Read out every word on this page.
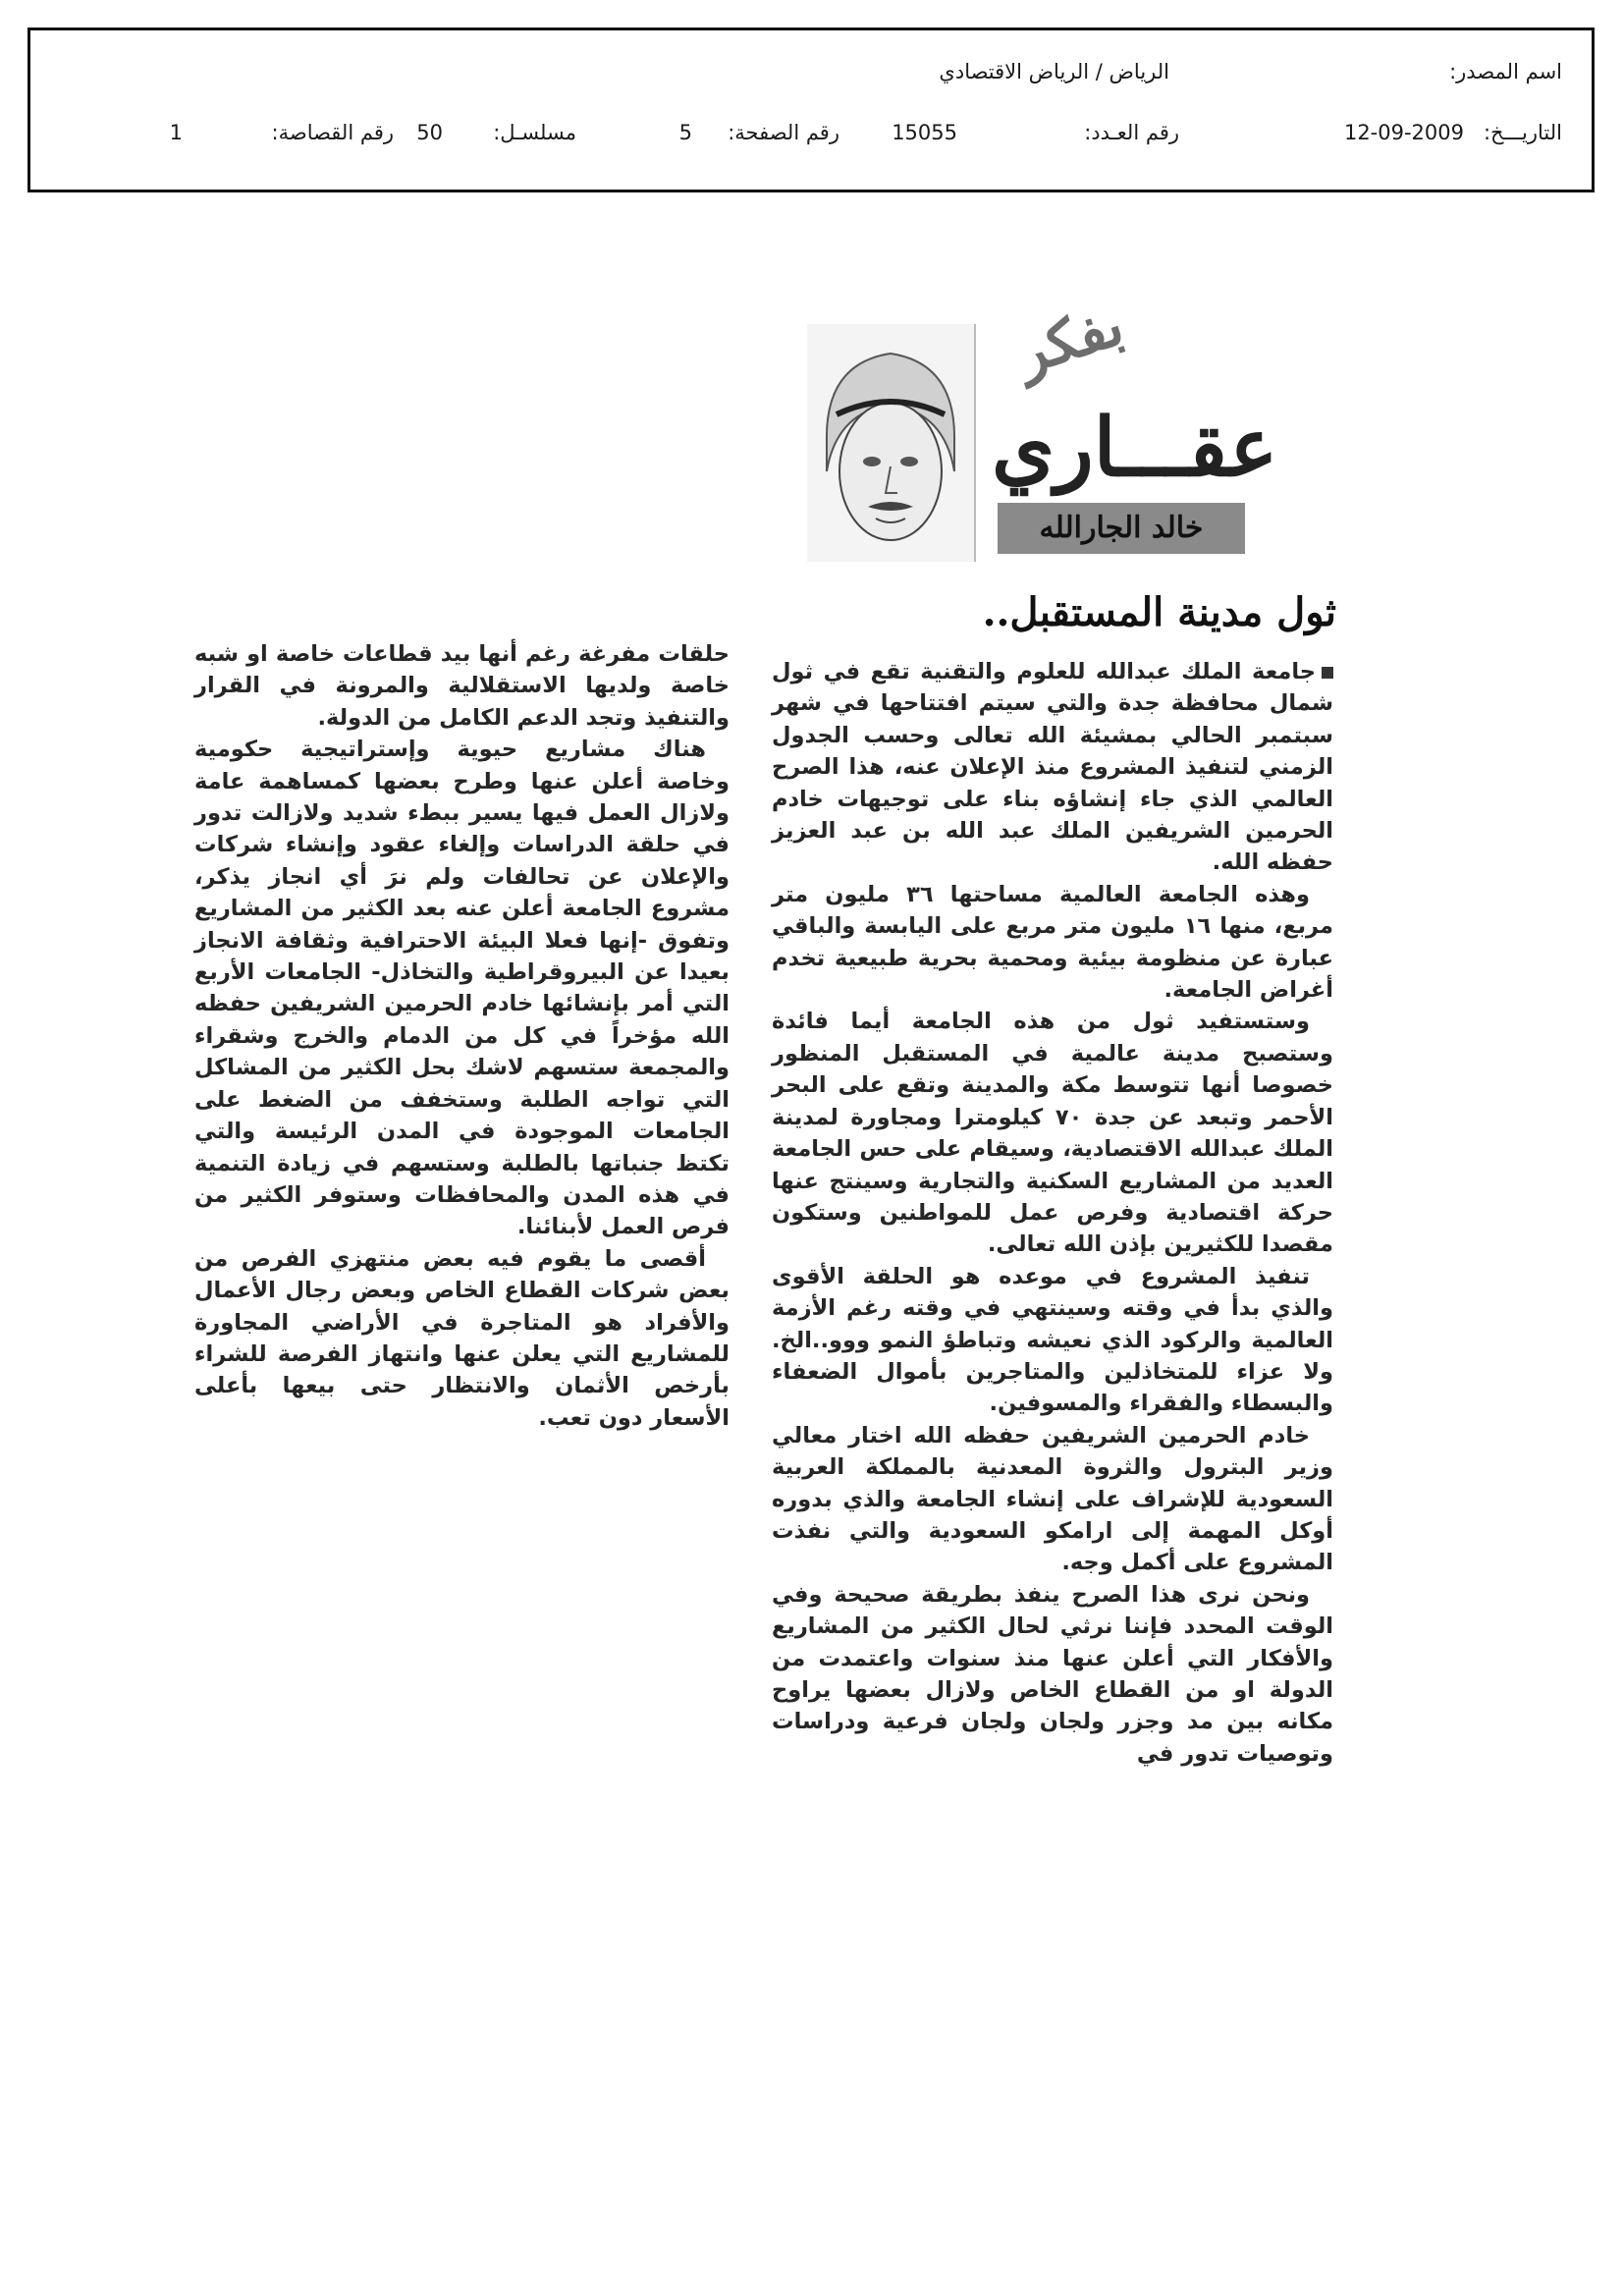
اسم المصدر:
الرياض / الرياض الاقتصادي
التاريـــخ:
12-09-2009
رقم العـدد:
15055
رقم الصفحة:
5
مسلسـل:
50
رقم القصاصة:
1
بفكر
عقـــاري
خالد الجارالله
ثول مدينة المستقبل..

جامعة الملك عبدالله للعلوم والتقنية تقع في ثول شمال محافظة جدة والتي سيتم افتتاحها في شهر سبتمبر الحالي بمشيئة الله تعالى وحسب الجدول الزمني لتنفيذ المشروع منذ الإعلان عنه، هذا الصرح العالمي الذي جاء إنشاؤه بناء على توجيهات خادم الحرمين الشريفين الملك عبد الله بن عبد العزيز حفظه الله.

وهذه الجامعة العالمية مساحتها ٣٦ مليون متر مربع، منها ١٦ مليون متر مربع على اليابسة والباقي عبارة عن منظومة بيئية ومحمية بحرية طبيعية تخدم أغراض الجامعة.

وستستفيد ثول من هذه الجامعة أيما فائدة وستصبح مدينة عالمية في المستقبل المنظور خصوصا أنها تتوسط مكة والمدينة وتقع على البحر الأحمر وتبعد عن جدة ٧٠ كيلومترا ومجاورة لمدينة الملك عبدالله الاقتصادية، وسيقام على حس الجامعة العديد من المشاريع السكنية والتجارية وسينتج عنها حركة اقتصادية وفرص عمل للمواطنين وستكون مقصدا للكثيرين بإذن الله تعالى.

تنفيذ المشروع في موعده هو الحلقة الأقوى والذي بدأ في وقته وسينتهي في وقته رغم الأزمة العالمية والركود الذي نعيشه وتباطؤ النمو ووو..الخ. ولا عزاء للمتخاذلين والمتاجرين بأموال الضعفاء والبسطاء والفقراء والمسوفين.

خادم الحرمين الشريفين حفظه الله اختار معالي وزير البترول والثروة المعدنية بالمملكة العربية السعودية للإشراف على إنشاء الجامعة والذي بدوره أوكل المهمة إلى ارامكو السعودية والتي نفذت المشروع على أكمل وجه.

ونحن نرى هذا الصرح ينفذ بطريقة صحيحة وفي الوقت المحدد فإننا نرثي لحال الكثير من المشاريع والأفكار التي أعلن عنها منذ سنوات واعتمدت من الدولة او من القطاع الخاص ولازال بعضها يراوح مكانه بين مد وجزر ولجان ولجان فرعية ودراسات وتوصيات تدور في

حلقات مفرغة رغم أنها بيد قطاعات خاصة او شبه خاصة ولديها الاستقلالية والمرونة في القرار والتنفيذ وتجد الدعم الكامل من الدولة.

هناك مشاريع حيوية وإستراتيجية حكومية وخاصة أعلن عنها وطرح بعضها كمساهمة عامة ولازال العمل فيها يسير ببطء شديد ولازالت تدور في حلقة الدراسات وإلغاء عقود وإنشاء شركات والإعلان عن تحالفات ولم نرَ أي انجاز يذكر، مشروع الجامعة أعلن عنه بعد الكثير من المشاريع وتفوق -إنها فعلا البيئة الاحترافية وثقافة الانجاز بعيدا عن البيروقراطية والتخاذل- الجامعات الأربع التي أمر بإنشائها خادم الحرمين الشريفين حفظه الله مؤخراً في كل من الدمام والخرج وشقراء والمجمعة ستسهم لاشك بحل الكثير من المشاكل التي تواجه الطلبة وستخفف من الضغط على الجامعات الموجودة في المدن الرئيسة والتي تكتظ جنباتها بالطلبة وستسهم في زيادة التنمية في هذه المدن والمحافظات وستوفر الكثير من فرص العمل لأبنائنا.

أقصى ما يقوم فيه بعض منتهزي الفرص من بعض شركات القطاع الخاص وبعض رجال الأعمال والأفراد هو المتاجرة في الأراضي المجاورة للمشاريع التي يعلن عنها وانتهاز الفرصة للشراء بأرخص الأثمان والانتظار حتى بيعها بأعلى الأسعار دون تعب.
